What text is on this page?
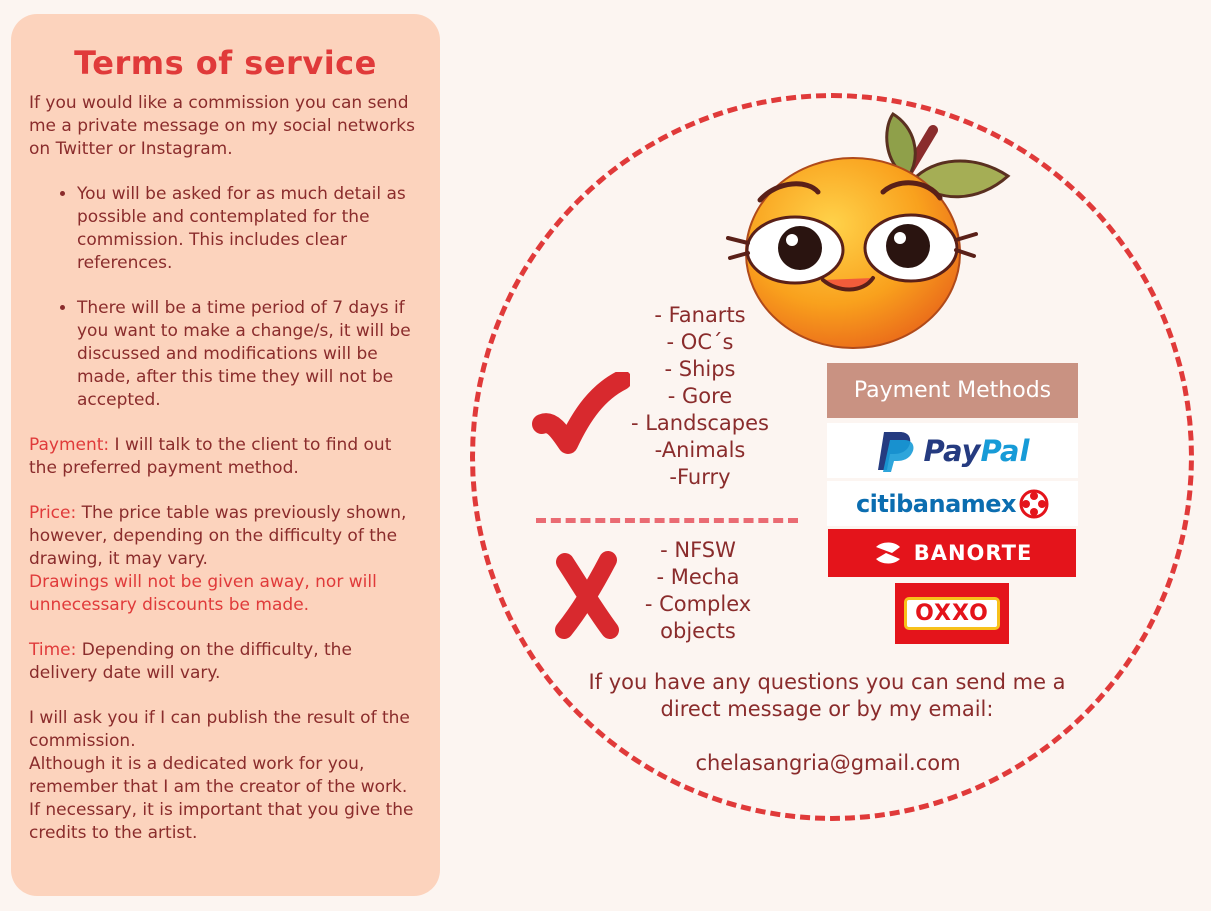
Terms of service

If you would like a commission you can send me a private message on my social networks on Twitter or Instagram.

• You will be asked for as much detail as possible and contemplated for the commission. This includes clear references.
• There will be a time period of 7 days if you want to make a change/s, it will be discussed and modifications will be made, after this time they will not be accepted.

Payment: I will talk to the client to find out the preferred payment method.

Price: The price table was previously shown, however, depending on the difficulty of the drawing, it may vary.
Drawings will not be given away, nor will unnecessary discounts be made.

Time: Depending on the difficulty, the delivery date will vary.

I will ask you if I can publish the result of the commission.
Although it is a dedicated work for you, remember that I am the creator of the work. If necessary, it is important that you give the credits to the artist.

- Fanarts
- OC´s
- Ships
- Gore
- Landscapes
-Animals
-Furry
- NFSW
- Mecha
- Complex
objects
Payment Methods
PayPal
citibanamex
BANORTE
OXXO
If you have any questions you can send me a direct message or by my email:
chelasangria@gmail.com
